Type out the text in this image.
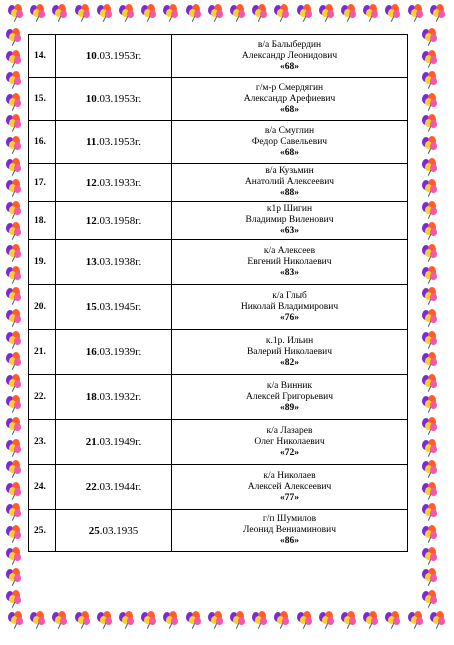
14.	10 .03.1953г.
в/а Балыбердин
Александр Леонидович
«68»
15.	10 .03.1953г.
г/м-р Смердягин
Александр Арефиевич
«68»
16.	11 .03.1953г.
в/а Смуглин
Федор Савельевич
«68»
17.	12 .03.1933г.
в/а Кузьмин
Анатолий Алексеевич
«88»
18.	12 .03.1958г.
к1р Шигин
Владимир Виленович
«63»
19.	13 .03.1938г.
к/а Алексеев
Евгений Николаевич
«83»
20.	15 .03.1945г.
к/а Глыб
Николай Владимирович
«76»
21.	16 .03.1939г.
к.1р. Ильин
Валерий Николаевич
«82»
22.	18 .03.1932г.
к/а Винник
Алексей Григорьевич
«89»
23.	21 .03.1949г.
к/а Лазарев
Олег Николаевич
«72»
24.	22 .03.1944г.
к/а Николаев
Алексей Алексеевич
«77»
25.	25 .03.1935
г/п Шумилов
Леонид Вениаминович
«86»
